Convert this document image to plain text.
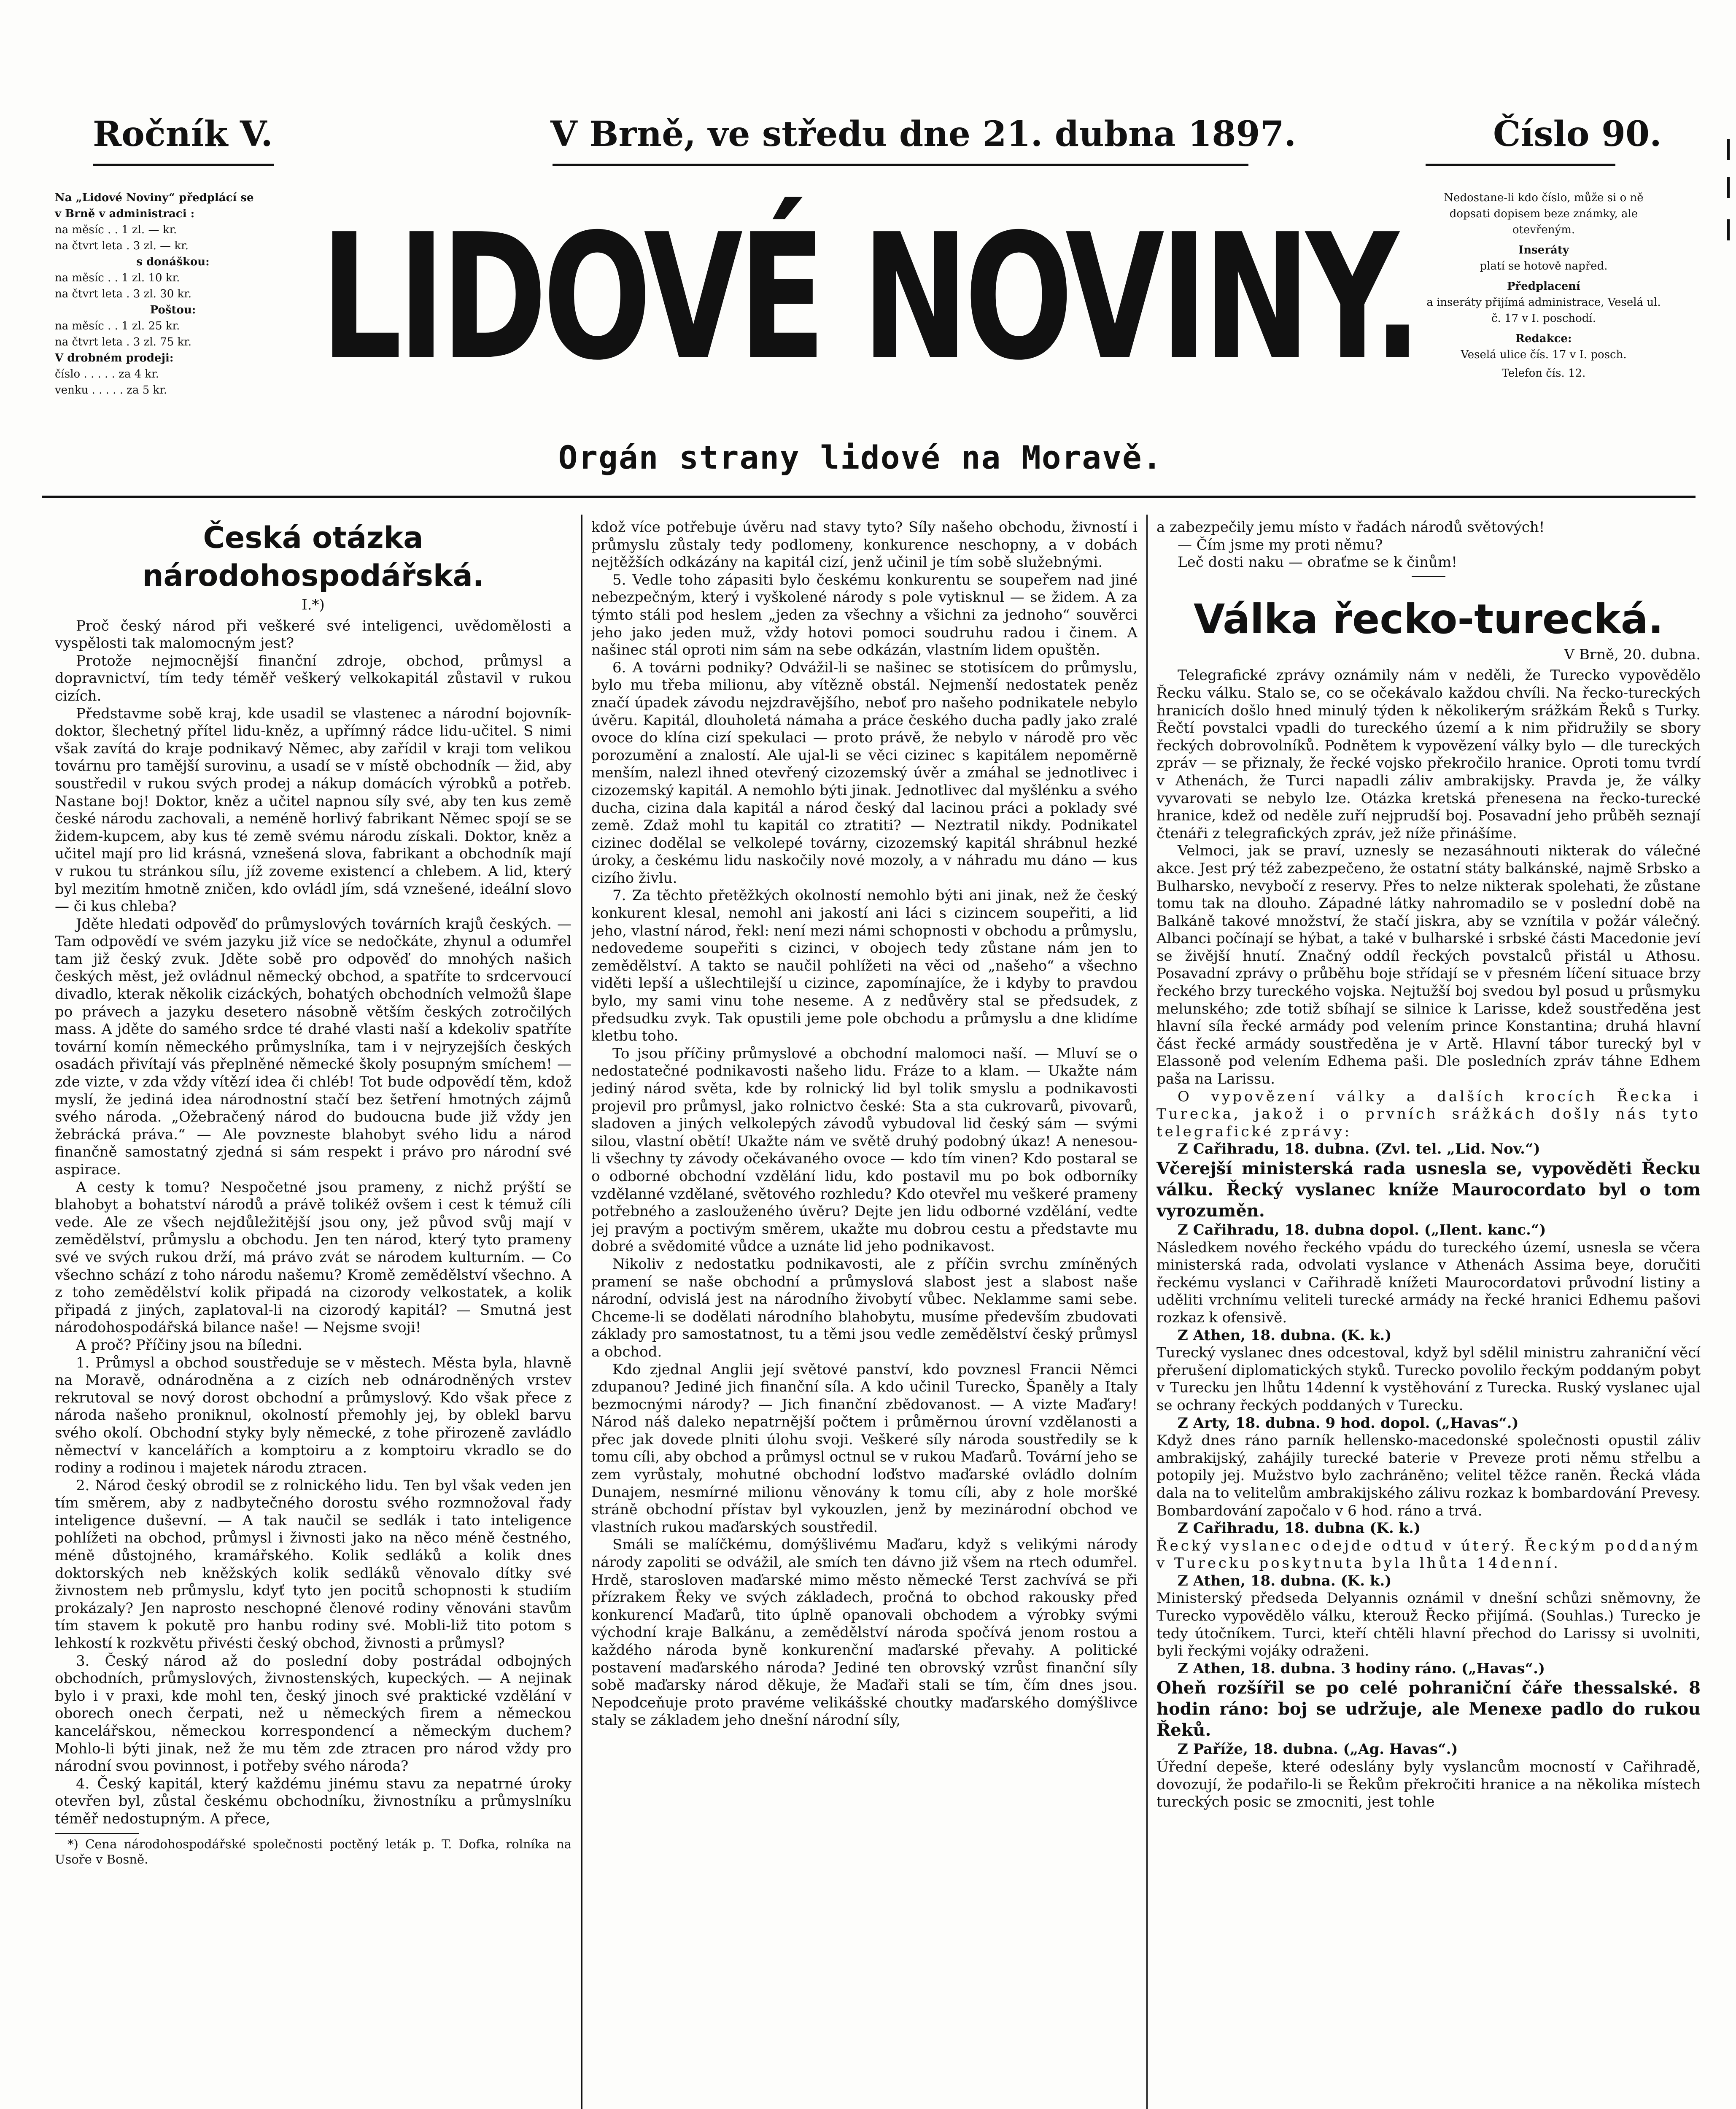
Ročník V.	V Brně, ve středu dne 21. dubna 1897.	Číslo 90.
Na „Lidové Noviny“ předplácí se
v Brně v administraci :
na měsíc . . 1 zl. — kr.
na čtvrt leta . 3 zl. — kr.
s donáškou:
na měsíc . . 1 zl. 10 kr.
na čtvrt leta . 3 zl. 30 kr.
Poštou:
na měsíc . . 1 zl. 25 kr.
na čtvrt leta . 3 zl. 75 kr.
V drobném prodeji:
číslo . . . . . za 4 kr.
venku . . . . . za 5 kr.
Nedostane-li kdo číslo, může si o ně dopsati dopisem beze známky, ale otevřeným.
Inseráty
platí se hotově napřed.
Předplacení
a inseráty přijímá administrace, Veselá ul. č. 17 v I. poschodí.
Redakce:
Veselá ulice čís. 17 v I. posch.
Telefon čís. 12.
LIDOVÉ NOVINY.
Orgán strany lidové na Moravě.
Česká otázka národohospodářská.
I.*)

Proč český národ při veškeré své inteligenci, uvědomělosti a vyspělosti tak malomocným jest?

Protože nejmocnější finanční zdroje, obchod, průmysl a dopravnictví, tím tedy téměř veškerý velkokapitál zůstavil v rukou cizích.

Představme sobě kraj, kde usadil se vlastenec a národní bojovník-doktor, šlechetný přítel lidu-kněz, a upřímný rádce lidu-učitel. S nimi však zavítá do kraje podnikavý Němec, aby zařídil v kraji tom velikou továrnu pro tamější surovinu, a usadí se v místě obchodník — žid, aby soustředil v rukou svých prodej a nákup domácích výrobků a potřeb. Nastane boj! Doktor, kněz a učitel napnou síly své, aby ten kus země české národu zachovali, a neméně horlivý fabrikant Němec spojí se se židem-kupcem, aby kus té země svému národu získali. Doktor, kněz a učitel mají pro lid krásná, vznešená slova, fabrikant a obchodník mají v rukou tu stránkou sílu, jíž zoveme existencí a chlebem. A lid, který byl mezitím hmotně zničen, kdo ovládl jím, sdá vznešené, ideální slovo — či kus chleba?

Jděte hledati odpověď do průmyslových továrních krajů českých. — Tam odpovědí ve svém jazyku již více se nedočkáte, zhynul a odumřel tam již český zvuk. Jděte sobě pro odpověď do mnohých našich českých měst, jež ovládnul německý obchod, a spatříte to srdcervoucí divadlo, kterak několik cizáckých, bohatých obchodních velmožů šlape po právech a jazyku desetero násobně větším českých zotročilých mass. A jděte do samého srdce té drahé vlasti naší a kdekoliv spatříte tovární komín německého průmyslníka, tam i v nejryzejších českých osadách přivítají vás přeplněné německé školy posupným smíchem! — zde vizte, v zda vždy vítězí idea či chléb! Tot bude odpovědí těm, kdož myslí, že jediná idea národnostní stačí bez šetření hmotných zájmů svého národa. „Ožebračený národ do budoucna bude již vždy jen žebrácká práva.“ — Ale povzneste blahobyt svého lidu a národ finančně samostatný zjedná si sám respekt i právo pro národní své aspirace.

A cesty k tomu? Nespočetné jsou prameny, z nichž prýští se blahobyt a bohatství národů a právě tolikéž ovšem i cest k témuž cíli vede. Ale ze všech nejdůležitější jsou ony, jež původ svůj mají v zemědělství, průmyslu a obchodu. Jen ten národ, který tyto prameny své ve svých rukou drží, má právo zvát se národem kulturním. — Co všechno schází z toho národu našemu? Kromě zemědělství všechno. A z toho zemědělství kolik připadá na cizorody velkostatek, a kolik připadá z jiných, zaplatoval-li na cizorodý kapitál? — Smutná jest národohospodářská bilance naše! — Nejsme svoji!

A proč? Příčiny jsou na bíledni.

1. Průmysl a obchod soustředuje se v městech. Města byla, hlavně na Moravě, odnárodněna a z cizích neb odnárodněných vrstev rekrutoval se nový dorost obchodní a průmyslový. Kdo však přece z národa našeho proniknul, okolností přemohly jej, by oblekl barvu svého okolí. Obchodní styky byly německé, z tohe přirozeně zavládlo němectví v kancelářích a komptoiru a z komptoiru vkradlo se do rodiny a rodinou i majetek národu ztracen.

2. Národ český obrodil se z rolnického lidu. Ten byl však veden jen tím směrem, aby z nadbytečného dorostu svého rozmnožoval řady inteligence duševní. — A tak naučil se sedlák i tato inteligence pohlížeti na obchod, průmysl i živnosti jako na něco méně čestného, méně důstojného, kramářského. Kolik sedláků a kolik dnes doktorských neb kněžských kolik sedláků věnovalo dítky své živnostem neb průmyslu, kdyť tyto jen pocitů schopnosti k studiím prokázaly? Jen naprosto neschopné členové rodiny věnováni stavům tím stavem k pokutě pro hanbu rodiny své. Mobli-liž tito potom s lehkostí k rozkvětu přivésti český obchod, živnosti a průmysl?

3. Český národ až do poslední doby postrádal odbojných obchodních, průmyslových, živnostenských, kupeckých. — A nejinak bylo i v praxi, kde mohl ten, český jinoch své praktické vzdělání v oborech onech čerpati, než u německých firem a německou kancelářskou, německou korrespondencí a německým duchem? Mohlo-li býti jinak, než že mu těm zde ztracen pro národ vždy pro národní svou povinnost, i potřeby svého národa?

4. Český kapitál, který každému jinému stavu za nepatrné úroky otevřen byl, zůstal českému obchodníku, živnostníku a průmyslníku téměř nedostupným. A přece,

*) Cena národohospodářské společnosti poctěný leták p. T. Dofka, rolníka na Usoře v Bosně.

kdož více potřebuje úvěru nad stavy tyto? Síly našeho obchodu, živností i průmyslu zůstaly tedy podlomeny, konkurence neschopny, a v dobách nejtěžších odkázány na kapitál cizí, jenž učinil je tím sobě služebnými.

5. Vedle toho zápasiti bylo českému konkurentu se soupeřem nad jiné nebezpečným, který i vyškolené národy s pole vytisknul — se židem. A za týmto stáli pod heslem „jeden za všechny a všichni za jednoho“ souvěrci jeho jako jeden muž, vždy hotovi pomoci soudruhu radou i činem. A našinec stál oproti nim sám na sebe odkázán, vlastním lidem opuštěn.

6. A továrni podniky? Odvážil-li se našinec se stotisícem do průmyslu, bylo mu třeba milionu, aby vítězně obstál. Nejmenší nedostatek peněz značí úpadek závodu nejzdravějšího, neboť pro našeho podnikatele nebylo úvěru. Kapitál, dlouholetá námaha a práce českého ducha padly jako zralé ovoce do klína cizí spekulaci — proto právě, že nebylo v národě pro věc porozumění a znalostí. Ale ujal-li se věci cizinec s kapitálem nepoměrně menším, nalezl ihned otevřený cizozemský úvěr a zmáhal se jednotlivec i cizozemský kapitál. A nemohlo býti jinak. Jednotlivec dal myšlénku a svého ducha, cizina dala kapitál a národ český dal lacinou práci a poklady své země. Zdaž mohl tu kapitál co ztratiti? — Neztratil nikdy. Podnikatel cizinec dodělal se velkolepé továrny, cizozemský kapitál shrábnul hezké úroky, a českému lidu naskočily nové mozoly, a v náhradu mu dáno — kus cizího živlu.

7. Za těchto přetěžkých okolností nemohlo býti ani jinak, než že český konkurent klesal, nemohl ani jakostí ani láci s cizincem soupeřiti, a lid jeho, vlastní národ, řekl: není mezi námi schopnosti v obchodu a průmyslu, nedovedeme soupeřiti s cizinci, v obojech tedy zůstane nám jen to zemědělství. A takto se naučil pohlížeti na věci od „našeho“ a všechno viděti lepší a ušlechtilejší u cizince, zapomínajíce, že i kdyby to pravdou bylo, my sami vinu tohe neseme. A z nedůvěry stal se předsudek, z předsudku zvyk. Tak opustili jeme pole obchodu a průmyslu a dne klidíme kletbu toho.

To jsou příčiny průmyslové a obchodní malomoci naší. — Mluví se o nedostatečné podnikavosti našeho lidu. Fráze to a klam. — Ukažte nám jediný národ světa, kde by rolnický lid byl tolik smyslu a podnikavosti projevil pro průmysl, jako rolnictvo české: Sta a sta cukrovarů, pivovarů, sladoven a jiných velkolepých závodů vybudoval lid český sám — svými silou, vlastní obětí! Ukažte nám ve světě druhý podobný úkaz! A nenesou-li všechny ty závody očekávaného ovoce — kdo tím vinen? Kdo postaral se o odborné obchodní vzdělání lidu, kdo postavil mu po bok odborníky vzdělanné vzdělané, světového rozhledu? Kdo otevřel mu veškeré prameny potřebného a zaslouženého úvěru? Dejte jen lidu odborné vzdělání, vedte jej pravým a poctivým směrem, ukažte mu dobrou cestu a představte mu dobré a svědomité vůdce a uznáte lid jeho podnikavost.

Nikoliv z nedostatku podnikavosti, ale z příčin svrchu zmíněných pramení se naše obchodní a průmyslová slabost jest a slabost naše národní, odvislá jest na národního živobytí vůbec. Neklamme sami sebe. Chceme-li se dodělati národního blahobytu, musíme především zbudovati základy pro samostatnost, tu a těmi jsou vedle zemědělství český průmysl a obchod.

Kdo zjednal Anglii její světové panství, kdo povznesl Francii Němci zdupanou? Jediné jich finanční síla. A kdo učinil Turecko, Španěly a Italy bezmocnými národy? — Jich finanční zbědovanost. — A vizte Maďary! Národ náš daleko nepatrnější počtem i průměrnou úrovní vzdělanosti a přec jak dovede plniti úlohu svoji. Veškeré síly národa soustředily se k tomu cíli, aby obchod a průmysl octnul se v rukou Maďarů. Tovární jeho se zem vyrůstaly, mohutné obchodní loďstvo maďarské ovládlo dolním Dunajem, nesmírné milionu věnovány k tomu cíli, aby z hole moršké stráně obchodní přístav byl vykouzlen, jenž by mezinárodní obchod ve vlastních rukou maďarských soustředil.

Smáli se malíčkému, domýšlivému Maďaru, když s velikými národy národy zapoliti se odvážil, ale smích ten dávno již všem na rtech odumřel. Hrdě, starosloven maďarské mimo město německé Terst zachvívá se při přízrakem Řeky ve svých základech, pročná to obchod rakousky před konkurencí Maďarů, tito úplně opanovali obchodem a výrobky svými východní kraje Balkánu, a zemědělství národa spočívá jenom rostou a každého národa byně konkurenční maďarské převahy. A politické postavení maďarského národa? Jediné ten obrovský vzrůst finanční síly sobě maďarsky národ děkuje, že Maďaři stali se tím, čím dnes jsou. Nepodceňuje proto pravéme velikášské choutky maďarského domýšlivce staly se základem jeho dnešní národní síly,

a zabezpečily jemu místo v řadách národů světových!

— Čím jsme my proti němu?

Leč dosti naku — obraťme se k činům!

Válka řecko-turecká.
V Brně, 20. dubna.

Telegrafické zprávy oznámily nám v neděli, že Turecko vypovědělo Řecku válku. Stalo se, co se očekávalo každou chvíli. Na řecko-tureckých hranicích došlo hned minulý týden k několikerým srážkám Řeků s Turky. Řečtí povstalci vpadli do tureckého území a k nim přidružily se sbory řeckých dobrovolníků. Podnětem k vypovězení války bylo — dle tureckých zpráv — se přiznaly, že řecké vojsko překročilo hranice. Oproti tomu tvrdí v Athenách, že Turci napadli záliv ambrakijsky. Pravda je, že války vyvarovati se nebylo lze. Otázka kretská přenesena na řecko-turecké hranice, kdež od neděle zuří nejprudší boj. Posavadní jeho průběh seznají čtenáři z telegrafických zpráv, jež níže přinášíme.

Velmoci, jak se praví, uznesly se nezasáhnouti nikterak do válečné akce. Jest prý též zabezpečeno, že ostatní státy balkánské, najmě Srbsko a Bulharsko, nevybočí z reservy. Přes to nelze nikterak spolehati, že zůstane tomu tak na dlouho. Západné látky nahromadilo se v poslední době na Balkáně takové množství, že stačí jiskra, aby se vznítila v požár válečný. Albanci počínají se hýbat, a také v bulharské i srbské části Macedonie jeví se živější hnutí. Značný oddíl řeckých povstalců přistál u Athosu. Posavadní zprávy o průběhu boje střídají se v přesném líčení situace brzy řeckého brzy tureckého vojska. Nejtužší boj svedou byl posud u průsmyku melunského; zde totiž sbíhají se silnice k Larisse, kdež soustředěna jest hlavní síla řecké armády pod velením prince Konstantina; druhá hlavní část řecké armády soustředěna je v Artě. Hlavní tábor turecký byl v Elassoně pod velením Edhema paši. Dle posledních zpráv táhne Edhem paša na Larissu.

O vypovězení války a dalších krocích Řecka i Turecka, jakož i o prvních srážkách došly nás tyto telegrafické zprávy:

Z Cařihradu, 18. dubna. (Zvl. tel. „Lid. Nov.“)

Včerejší ministerská rada usnesla se, vypověděti Řecku válku. Řecký vyslanec kníže Maurocordato byl o tom vyrozuměn.

Z Cařihradu, 18. dubna dopol. („Ilent. kanc.“)

Následkem nového řeckého vpádu do tureckého území, usnesla se včera ministerská rada, odvolati vyslance v Athenách Assima beye, doručiti řeckému vyslanci v Cařihradě knížeti Maurocordatovi průvodní listiny a uděliti vrchnímu veliteli turecké armády na řecké hranici Edhemu pašovi rozkaz k ofensivě.

Z Athen, 18. dubna. (K. k.)

Turecký vyslanec dnes odcestoval, když byl sdělil ministru zahraniční věcí přerušení diplomatických styků. Turecko povolilo řeckým poddaným pobyt v Turecku jen lhůtu 14denní k vystěhování z Turecka. Ruský vyslanec ujal se ochrany řeckých poddaných v Turecku.

Z Arty, 18. dubna. 9 hod. dopol. („Havas“.)

Když dnes ráno parník hellensko-macedonské společnosti opustil záliv ambrakijský, zahájily turecké baterie v Preveze proti němu střelbu a potopily jej. Mužstvo bylo zachráněno; velitel těžce raněn. Řecká vláda dala na to velitelům ambrakijského zálivu rozkaz k bombardování Prevesy. Bombardování započalo v 6 hod. ráno a trvá.

Z Cařihradu, 18. dubna (K. k.)

Řecký vyslanec odejde odtud v úterý. Řeckým poddaným v Turecku poskytnuta byla lhůta 14denní.

Z Athen, 18. dubna. (K. k.)

Ministerský předseda Delyannis oznámil v dnešní schůzi sněmovny, že Turecko vypovědělo válku, kterouž Řecko přijímá. (Souhlas.) Turecko je tedy útočníkem. Turci, kteří chtěli hlavní přechod do Larissy si uvolniti, byli řeckými vojáky odraženi.

Z Athen, 18. dubna. 3 hodiny ráno. („Havas“.)

Oheň rozšířil se po celé pohraniční čáře thessalské. 8 hodin ráno: boj se udržuje, ale Menexe padlo do rukou Řeků.

Z Paříže, 18. dubna. („Ag. Havas“.)

Úřední depeše, které odeslány byly vyslancům mocností v Cařihradě, dovozují, že podařilo-li se Řekům překročiti hranice a na několika místech tureckých posic se zmocniti, jest tohle
